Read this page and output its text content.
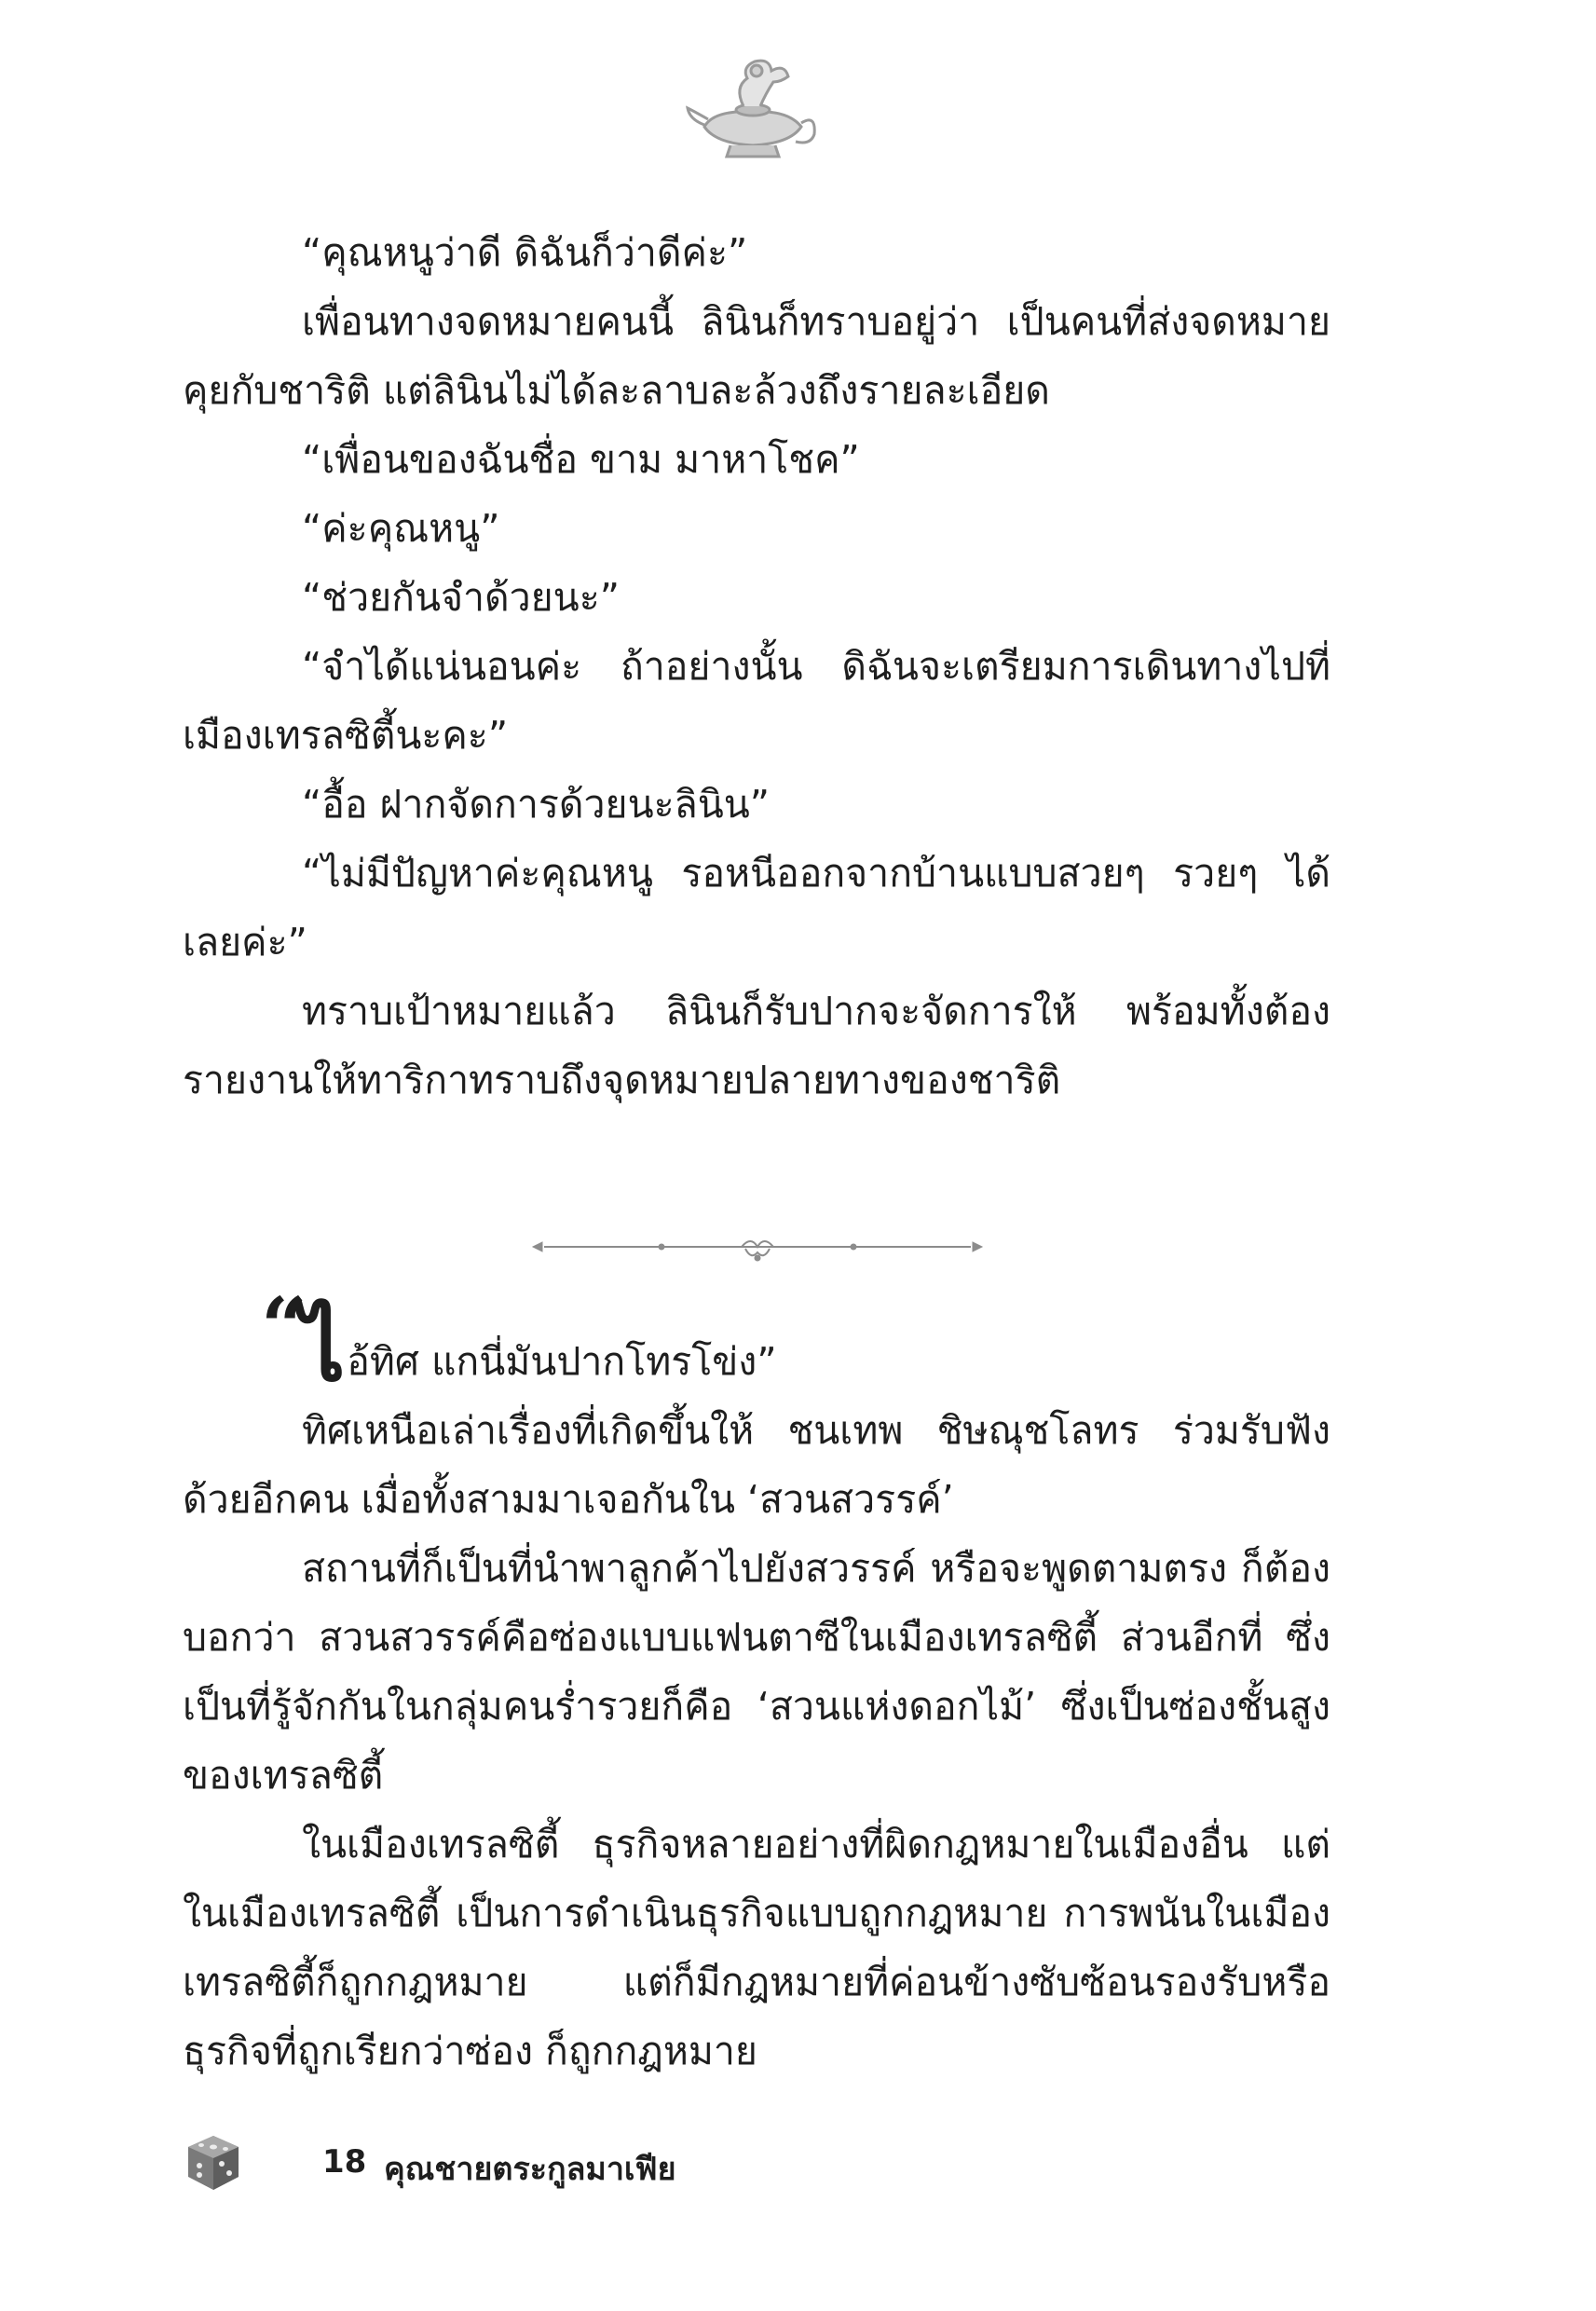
“คุณหนูว่าดี ดิฉันก็ว่าดีค่ะ”

เพื่อนทางจดหมายคนนี้ ลินินก็ทราบอยู่ว่า เป็นคนที่ส่งจดหมายคุยกับชาริติ แต่ลินินไม่ได้ละลาบละล้วงถึงรายละเอียด

“เพื่อนของฉันชื่อ ขาม มาหาโชค”

“ค่ะคุณหนู”

“ช่วยกันจำด้วยนะ”

“จำได้แน่นอนค่ะ ถ้าอย่างนั้น ดิฉันจะเตรียมการเดินทางไปที่เมืองเทรลซิตี้นะคะ”

“อื้อ ฝากจัดการด้วยนะลินิน”

“ไม่มีปัญหาค่ะคุณหนู รอหนีออกจากบ้านแบบสวยๆ รวยๆ ได้เลยค่ะ”

ทราบเป้าหมายแล้ว ลินินก็รับปากจะจัดการให้ พร้อมทั้งต้องรายงานให้ทาริกาทราบถึงจุดหมายปลายทางของชาริติ

“
ไอ้ทิศ แกนี่มันปากโทรโข่ง”

ทิศเหนือเล่าเรื่องที่เกิดขึ้นให้ ชนเทพ ชิษณุชโลทร ร่วมรับฟังด้วยอีกคน เมื่อทั้งสามมาเจอกันใน ‘สวนสวรรค์’

สถานที่ก็เป็นที่นำพาลูกค้าไปยังสวรรค์ หรือจะพูดตามตรง ก็ต้องบอกว่า สวนสวรรค์คือซ่องแบบแฟนตาซีในเมืองเทรลซิตี้ ส่วนอีกที่ ซึ่งเป็นที่รู้จักกันในกลุ่มคนร่ำรวยก็คือ ‘สวนแห่งดอกไม้’ ซึ่งเป็นซ่องชั้นสูงของเทรลซิตี้

ในเมืองเทรลซิตี้ ธุรกิจหลายอย่างที่ผิดกฎหมายในเมืองอื่น แต่ในเมืองเทรลซิตี้ เป็นการดำเนินธุรกิจแบบถูกกฎหมาย การพนันในเมืองเทรลซิตี้ก็ถูกกฎหมาย แต่ก็มีกฎหมายที่ค่อนข้างซับซ้อนรองรับหรือธุรกิจที่ถูกเรียกว่าซ่อง ก็ถูกกฎหมาย

18 คุณชายตระกูลมาเฟีย
